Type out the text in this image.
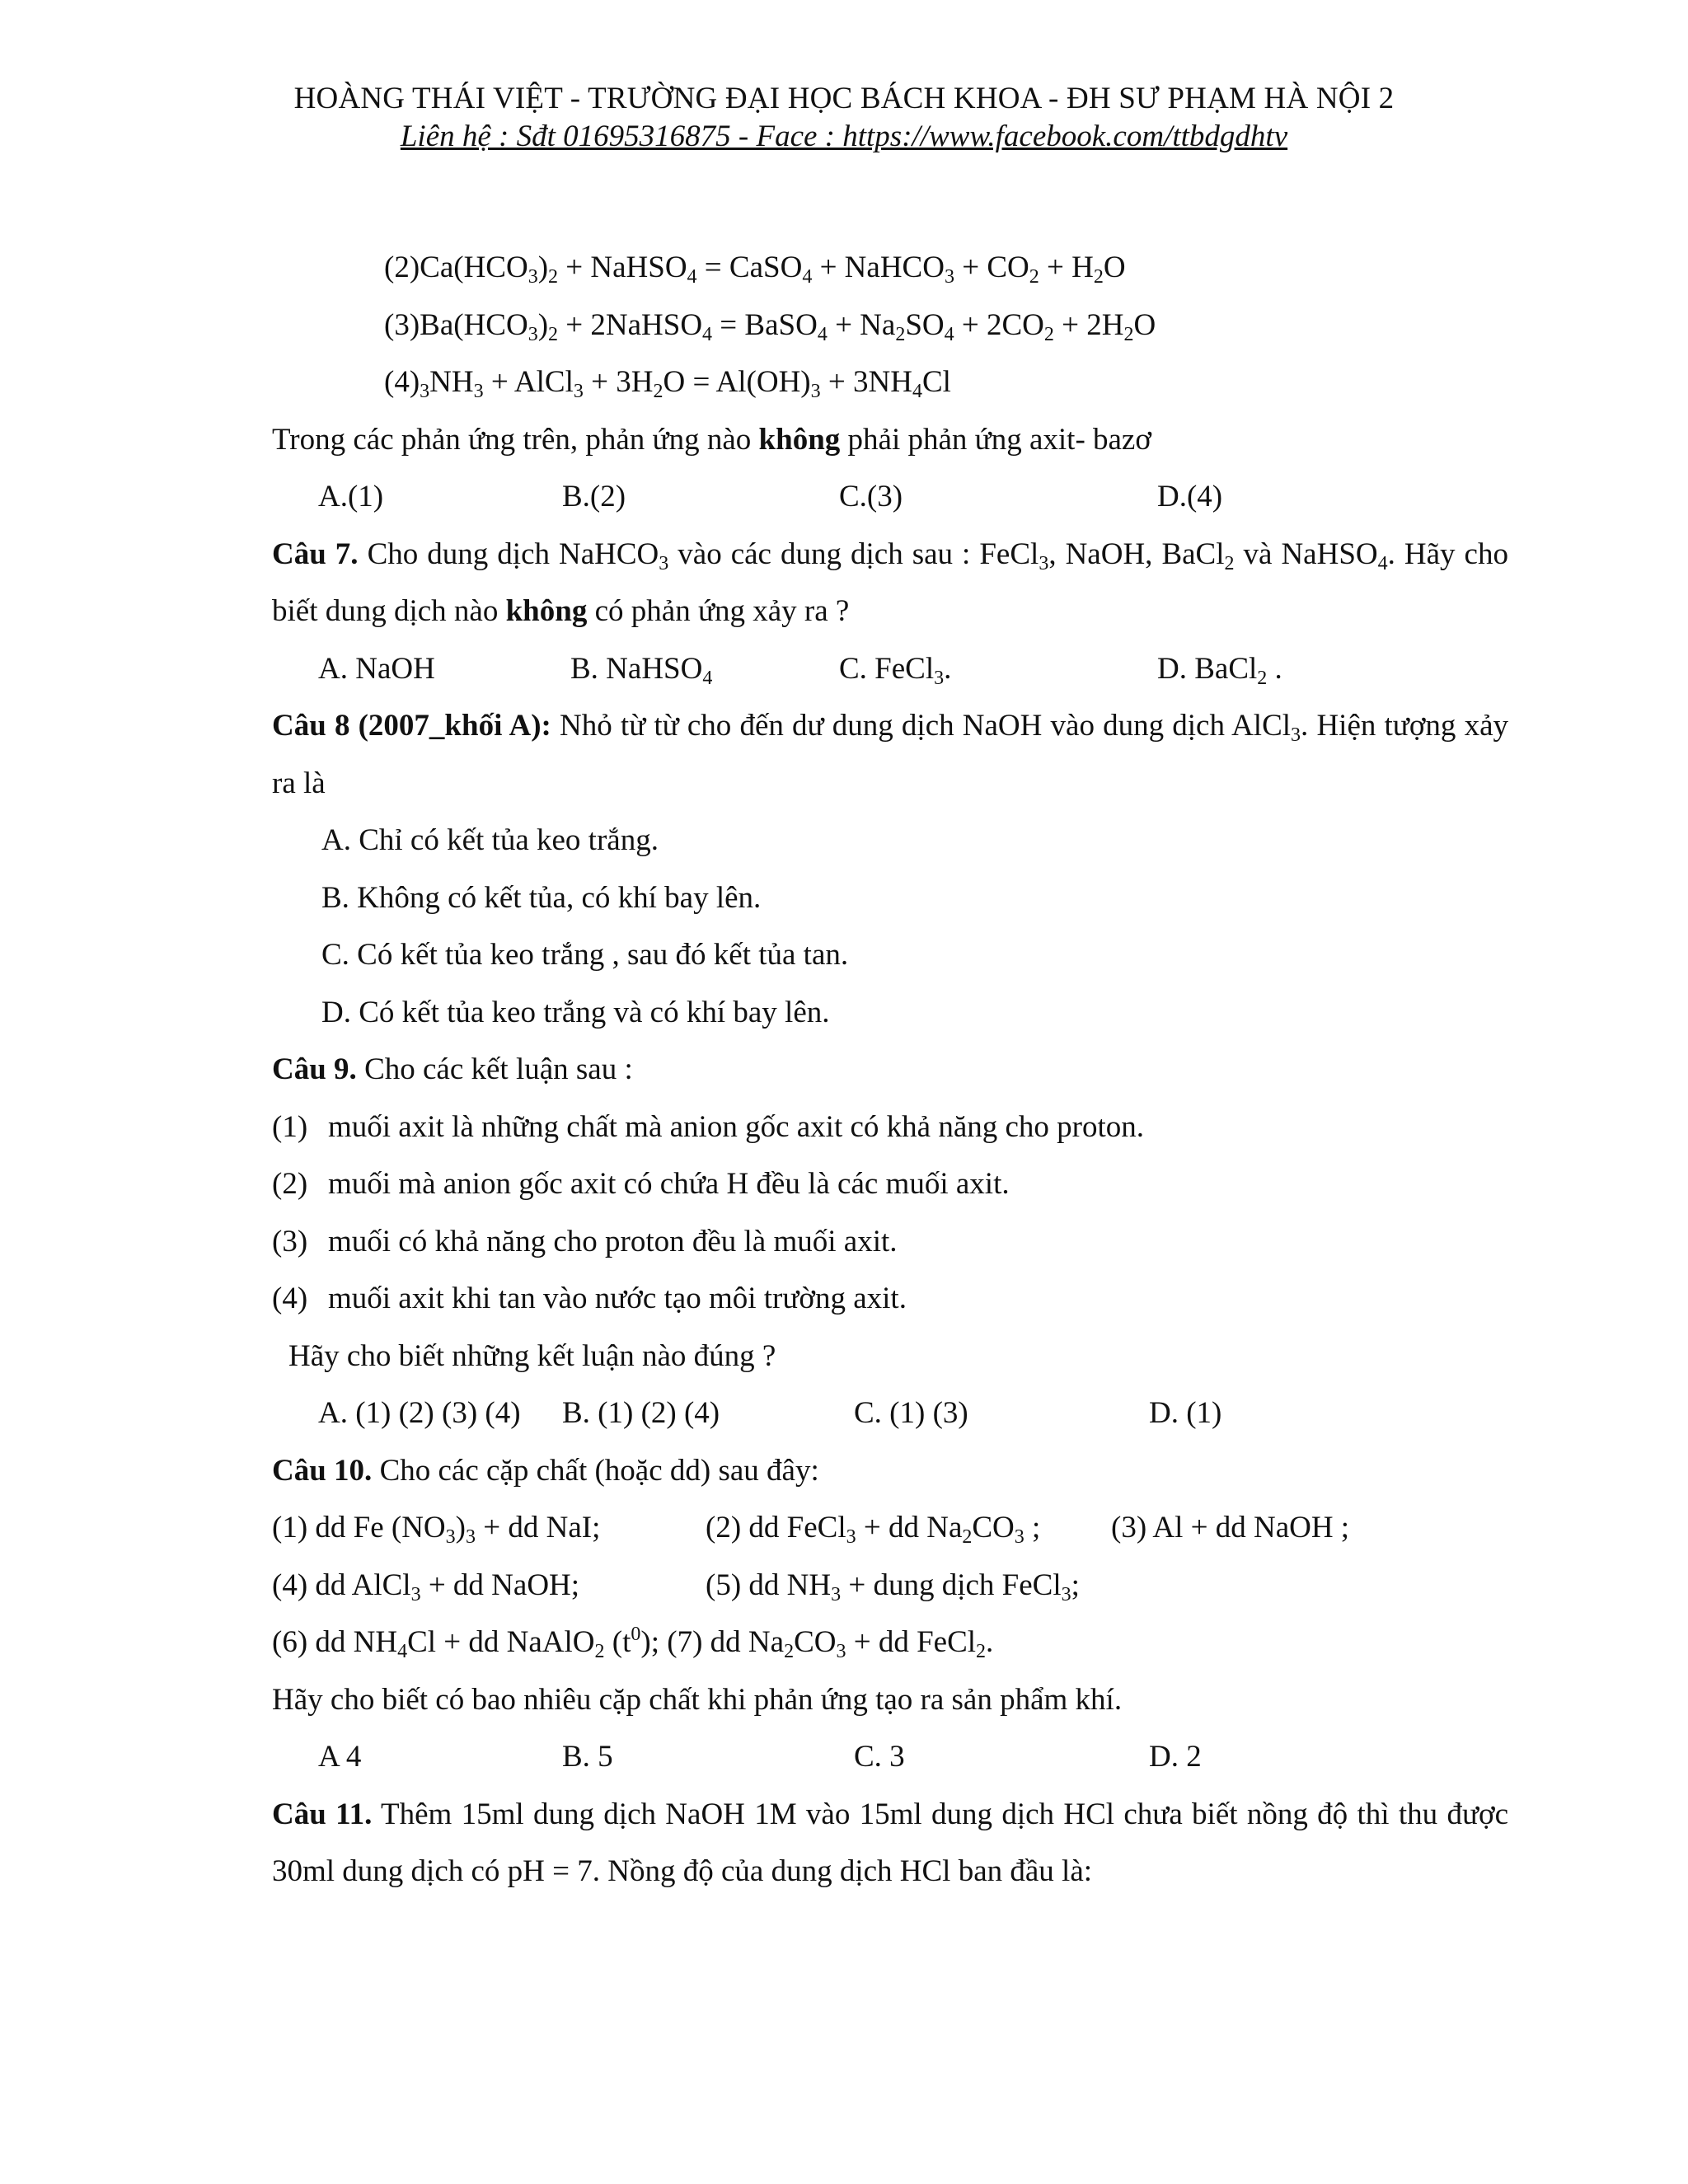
HOÀNG THÁI VIỆT - TRƯỜNG ĐẠI HỌC BÁCH KHOA - ĐH SƯ PHẠM HÀ NỘI 2
Liên hệ : Sđt 01695316875 - Face : https://www.facebook.com/ttbdgdhtv
$(2)Ca(HCO_3)_2$ + NaHSO$_4$ = CaSO$_4$ + NaHCO$_3$ + $CO_2 + H_2O$
$(3)Ba(HCO_3)_2$ + 2NaHSO$_4$ = BaSO$_4$ + $Na_2SO_4 + 2CO_2 + 2H_2O$
$(4)_3NH_3$ + AlCl$_3$ + $3H_2O = Al(OH)_3 + 3NH_4Cl$
Trong các phản ứng trên, phản ứng nào không phải phản ứng axit- bazơ
A.(1)	B.(2)	C.(3)	D.(4)
Câu 7. Cho dung dịch NaHCO$_3$ vào các dung dịch sau : FeCl$_3$, NaOH, BaCl$_2$ và NaHSO$_4$. Hãy cho biết dung dịch nào không có phản ứng xảy ra ?
A. NaOH	B. NaHSO$_4$	C. FeCl$_3$.	D. BaCl$_2$ .
Câu 8 (2007_khối A): Nhỏ từ từ cho đến dư dung dịch NaOH vào dung dịch AlCl$_3$. Hiện tượng xảy ra là
A. Chỉ có kết tủa keo trắng.
B. Không có kết tủa, có khí bay lên.
C. Có kết tủa keo trắng , sau đó kết tủa tan.
D. Có kết tủa keo trắng và có khí bay lên.
Câu 9. Cho các kết luận sau :
(1) muối axit là những chất mà anion gốc axit có khả năng cho proton.
(2) muối mà anion gốc axit có chứa H đều là các muối axit.
(3) muối có khả năng cho proton đều là muối axit.
(4) muối axit khi tan vào nước tạo môi trường axit.
Hãy cho biết những kết luận nào đúng ?
A. (1) (2) (3) (4) B. (1) (2) (4)	C. (1) (3)	D. (1)
Câu 10. Cho các cặp chất (hoặc dd) sau đây:
(1) dd Fe $(NO_3)_3$ + dd NaI;	(2) dd FeCl$_3$ + dd $Na_2CO_3$ ; (3) Al + dd NaOH ;
(4) dd AlCl$_3$ + dd NaOH;	(5) dd $NH_3$ + dung dịch FeCl$_3$;
(6) dd $NH_4Cl$ + dd NaAlO$_2$ $(t^0)$; (7) dd $Na_2CO_3$ + dd FeCl$_2$.
Hãy cho biết có bao nhiêu cặp chất khi phản ứng tạo ra sản phẩm khí.
A 4	B. 5	C. 3	D. 2
Câu 11. Thêm 15ml dung dịch NaOH 1M vào 15ml dung dịch HCl chưa biết nồng độ thì thu được 30ml dung dịch có pH = 7. Nồng độ của dung dịch HCl ban đầu là:
